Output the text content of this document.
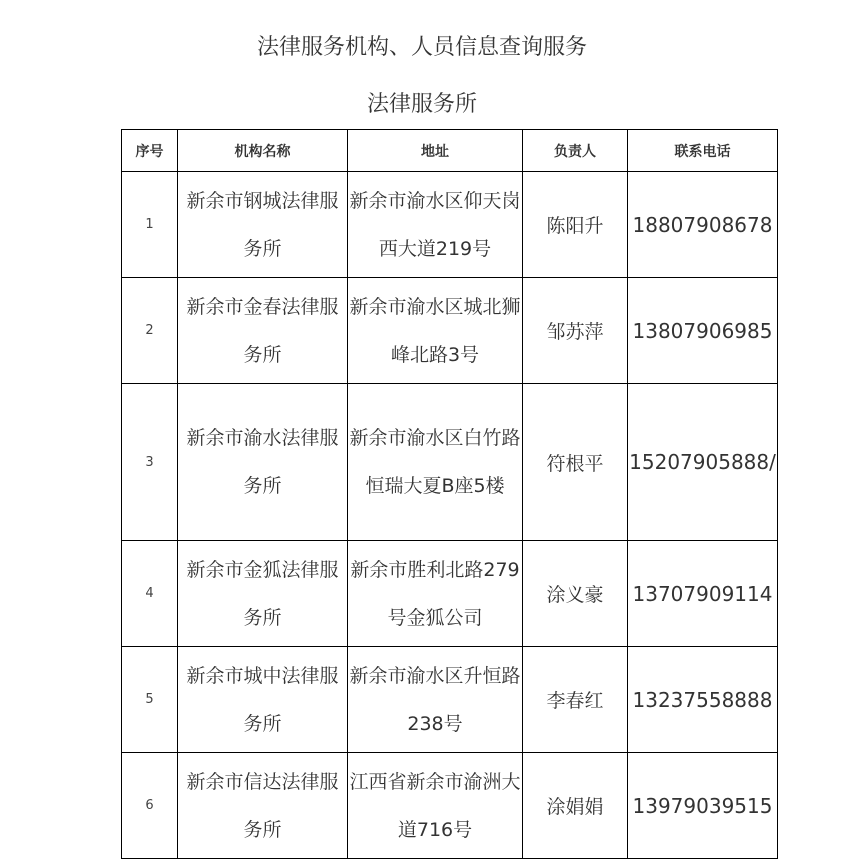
法律服务机构、人员信息查询服务
法律服务所
序号	机构名称	地址	负责人	联系电话
1	新余市钢城法律服务所	新余市渝水区仰天岗西大道219号	陈阳升	18807908678
2	新余市金春法律服务所	新余市渝水区城北狮峰北路3号	邹苏萍	13807906985
3	新余市渝水法律服务所	新余市渝水区白竹路恒瑞大夏B座5楼	符根平	15207905888/
4	新余市金狐法律服务所	新余市胜利北路279号金狐公司	涂义豪	13707909114
5	新余市城中法律服务所	新余市渝水区升恒路238号	李春红	13237558888
6	新余市信达法律服务所	江西省新余市渝洲大道716号	涂娟娟	13979039515
